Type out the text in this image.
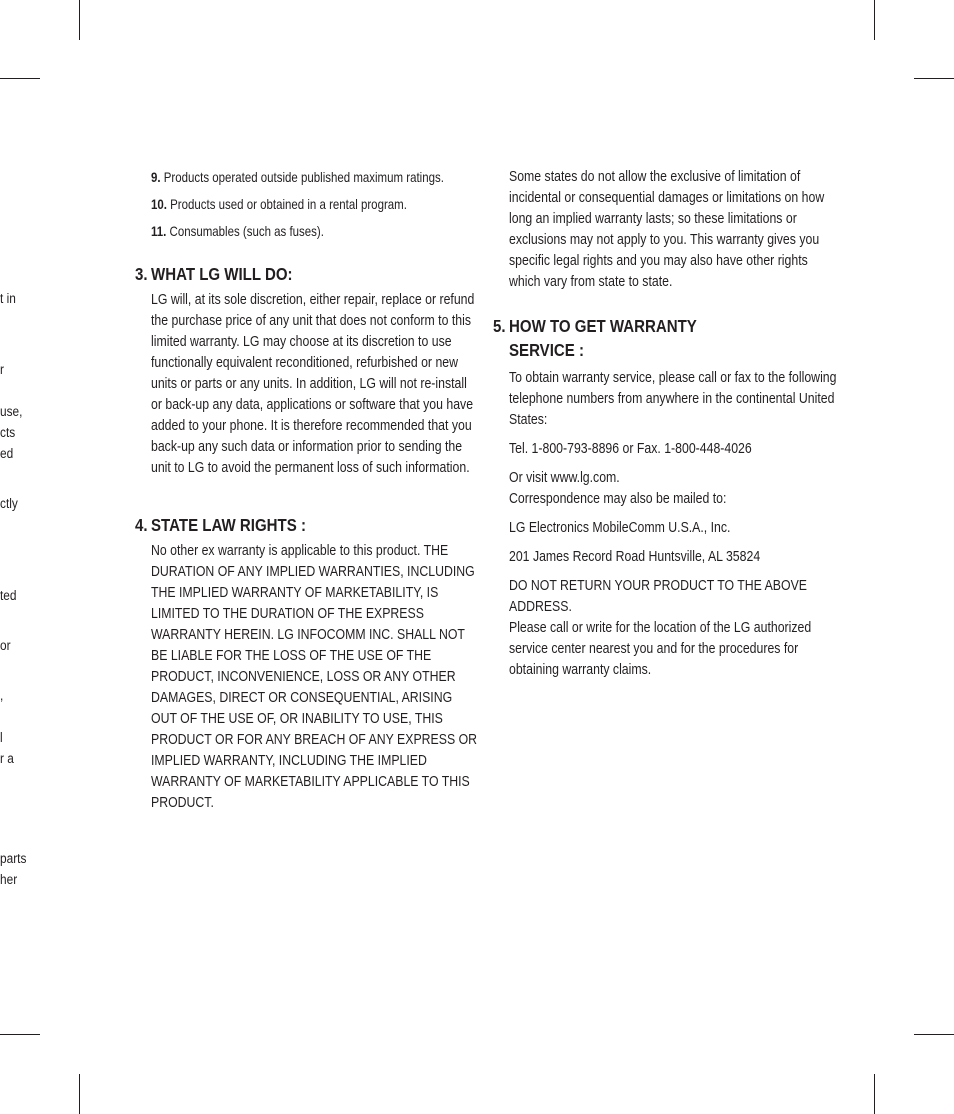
t in
r
use,
cts
ed
ctly
ted
or
,
l
r a
parts
her
9. Products operated outside published maximum ratings.
10. Products used or obtained in a rental program.
11. Consumables (such as fuses).
3. WHAT LG WILL DO:
LG will, at its sole discretion, either repair, replace or refund the purchase price of any unit that does not conform to this limited warranty. LG may choose at its discretion to use functionally equivalent reconditioned, refurbished or new units or parts or any units. In addition, LG will not re-install or back-up any data, applications or software that you have added to your phone. It is therefore recommended that you back-up any such data or information prior to sending the unit to LG to avoid the permanent loss of such information.
4. STATE LAW RIGHTS :
No other ex warranty is applicable to this product. THE DURATION OF ANY IMPLIED WARRANTIES, INCLUDING THE IMPLIED WARRANTY OF MARKETABILITY, IS LIMITED TO THE DURATION OF THE EXPRESS WARRANTY HEREIN. LG INFOCOMM INC. SHALL NOT BE LIABLE FOR THE LOSS OF THE USE OF THE PRODUCT, INCONVENIENCE, LOSS OR ANY OTHER DAMAGES, DIRECT OR CONSEQUENTIAL, ARISING OUT OF THE USE OF, OR INABILITY TO USE, THIS PRODUCT OR FOR ANY BREACH OF ANY EXPRESS OR IMPLIED WARRANTY, INCLUDING THE IMPLIED WARRANTY OF MARKETABILITY APPLICABLE TO THIS PRODUCT.
Some states do not allow the exclusive of limitation of incidental or consequential damages or limitations on how long an implied warranty lasts; so these limitations or exclusions may not apply to you. This warranty gives you specific legal rights and you may also have other rights which vary from state to state.
5. HOW TO GET WARRANTY
SERVICE :
To obtain warranty service, please call or fax to the following telephone numbers from anywhere in the continental United States:
Tel. 1-800-793-8896 or Fax. 1-800-448-4026
Or visit www.lg.com.
Correspondence may also be mailed to:
LG Electronics MobileComm U.S.A., Inc.
201 James Record Road Huntsville, AL 35824
DO NOT RETURN YOUR PRODUCT TO THE ABOVE ADDRESS.
Please call or write for the location of the LG authorized service center nearest you and for the procedures for obtaining warranty claims.
